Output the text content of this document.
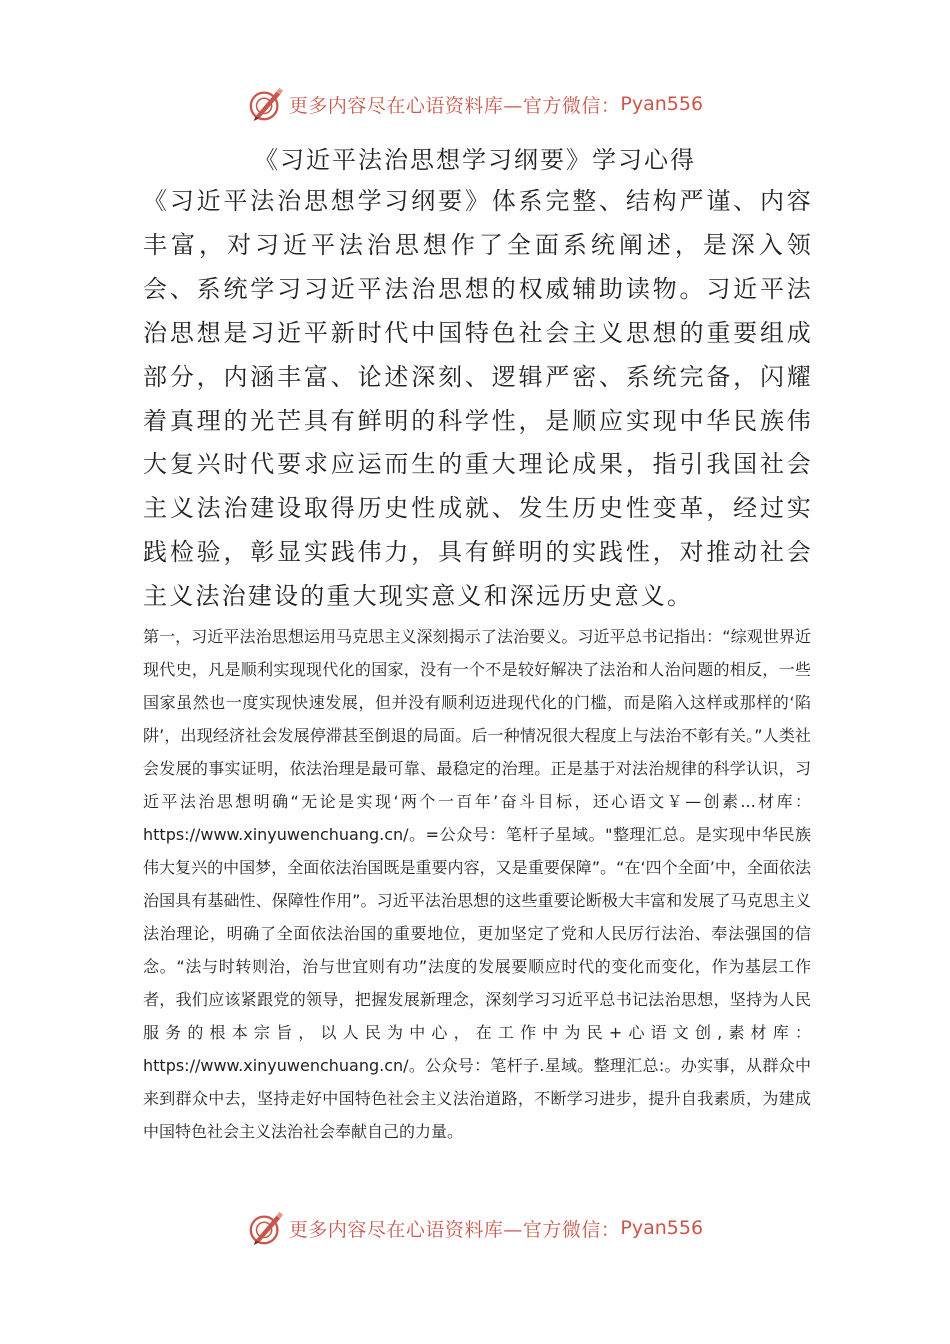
更多内容尽在心语资料库—官方微信： Pyan556
《习近平法治思想学习纲要》学习心得

《习近平法治思想学习纲要》体系完整、结构严谨、内容丰富，对习近平法治思想作了全面系统阐述，是深入领会、系统学习习近平法治思想的权威辅助读物。习近平法治思想是习近平新时代中国特色社会主义思想的重要组成部分，内涵丰富、论述深刻、逻辑严密、系统完备，闪耀着真理的光芒具有鲜明的科学性，是顺应实现中华民族伟大复兴时代要求应运而生的重大理论成果，指引我国社会主义法治建设取得历史性成就、发生历史性变革，经过实践检验，彰显实践伟力，具有鲜明的实践性，对推动社会主义法治建设的重大现实意义和深远历史意义。

第一，习近平法治思想运用马克思主义深刻揭示了法治要义。习近平总书记指出：“综观世界近现代史，凡是顺利实现现代化的国家，没有一个不是较好解决了法治和人治问题的相反，一些国家虽然也一度实现快速发展，但并没有顺利迈进现代化的门槛，而是陷入这样或那样的‘陷阱’，出现经济社会发展停滞甚至倒退的局面。后一种情况很大程度上与法治不彰有关。”人类社会发展的事实证明，依法治理是最可靠、最稳定的治理。正是基于对法治规律的科学认识，习近平法治思想明确“无论是实现‘两个一百年’奋斗目标，还心语文￥—创素...材库：https://www.xinyuwenchuang.cn/。=公众号：笔杆子星域。"整理汇总。是实现中华民族伟大复兴的中国梦，全面依法治国既是重要内容，又是重要保障”。“在‘四个全面’中，全面依法治国具有基础性、保障性作用”。习近平法治思想的这些重要论断极大丰富和发展了马克思主义法治理论，明确了全面依法治国的重要地位，更加坚定了党和人民厉行法治、奉法强国的信念。“法与时转则治，治与世宜则有功”法度的发展要顺应时代的变化而变化，作为基层工作者，我们应该紧跟党的领导，把握发展新理念，深刻学习习近平总书记法治思想，坚持为人民服务的根本宗旨，以人民为中心，在工作中为民+心语文创,素材库：https://www.xinyuwenchuang.cn/。公众号：笔杆子.星域。整理汇总:。办实事，从群众中来到群众中去，坚持走好中国特色社会主义法治道路，不断学习进步，提升自我素质，为建成中国特色社会主义法治社会奉献自己的力量。

更多内容尽在心语资料库—官方微信： Pyan556
